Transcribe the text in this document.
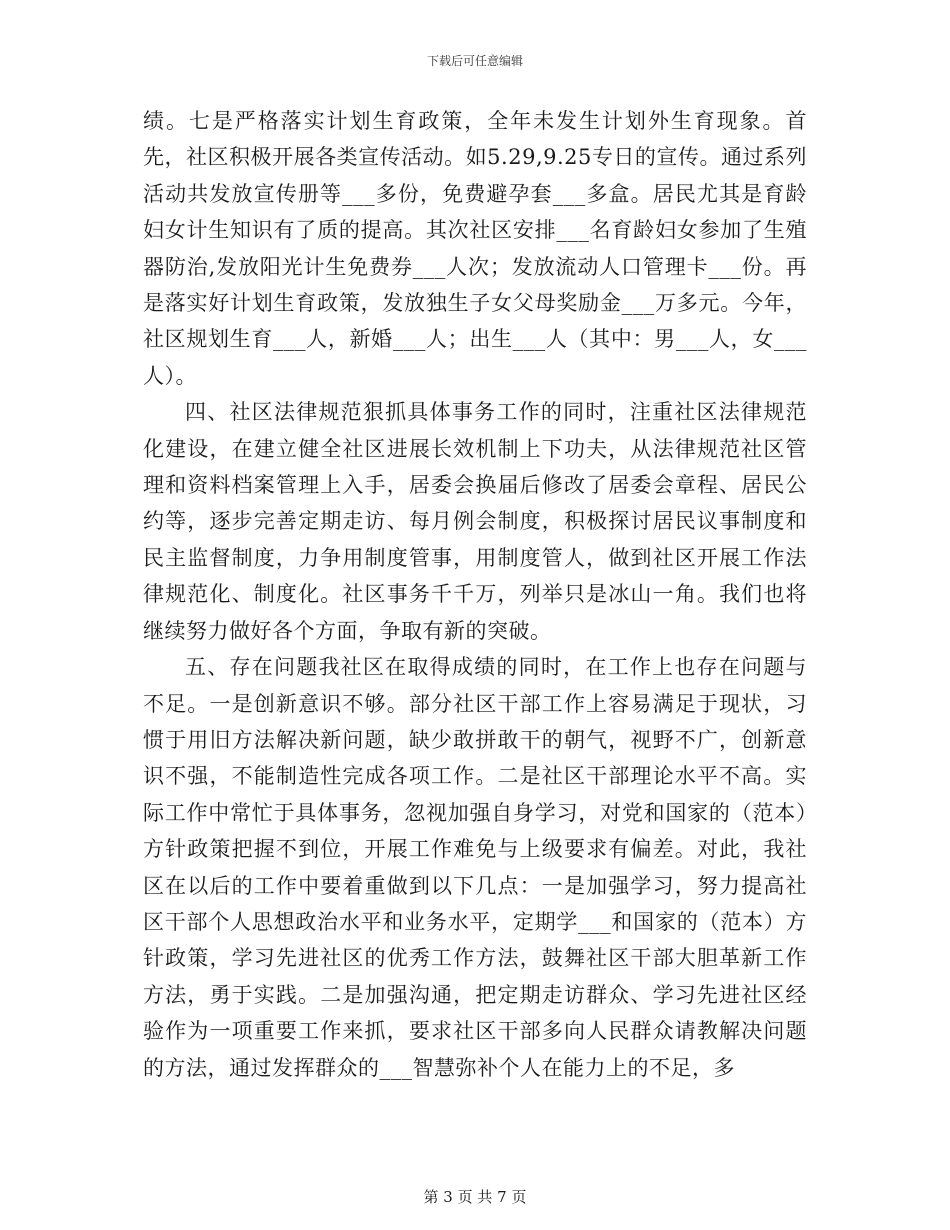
下载后可任意编辑

绩。七是严格落实计划生育政策，全年未发生计划外生育现象。首先，社区积极开展各类宣传活动。如5.29,9.25专日的宣传。通过系列活动共发放宣传册等___多份，免费避孕套___多盒。居民尤其是育龄妇女计生知识有了质的提高。其次社区安排___名育龄妇女参加了生殖器防治,发放阳光计生免费券___人次；发放流动人口管理卡___份。再是落实好计划生育政策，发放独生子女父母奖励金___万多元。今年，社区规划生育___人，新婚___人；出生___人（其中：男___人，女___人）。

四、社区法律规范狠抓具体事务工作的同时，注重社区法律规范化建设，在建立健全社区进展长效机制上下功夫，从法律规范社区管理和资料档案管理上入手，居委会换届后修改了居委会章程、居民公约等，逐步完善定期走访、每月例会制度，积极探讨居民议事制度和民主监督制度，力争用制度管事，用制度管人，做到社区开展工作法律规范化、制度化。社区事务千千万，列举只是冰山一角。我们也将继续努力做好各个方面，争取有新的突破。

五、存在问题我社区在取得成绩的同时，在工作上也存在问题与不足。一是创新意识不够。部分社区干部工作上容易满足于现状，习惯于用旧方法解决新问题，缺少敢拼敢干的朝气，视野不广，创新意识不强，不能制造性完成各项工作。二是社区干部理论水平不高。实际工作中常忙于具体事务，忽视加强自身学习，对党和国家的（范本）方针政策把握不到位，开展工作难免与上级要求有偏差。对此，我社区在以后的工作中要着重做到以下几点：一是加强学习，努力提高社区干部个人思想政治水平和业务水平，定期学___和国家的（范本）方针政策，学习先进社区的优秀工作方法，鼓舞社区干部大胆革新工作方法，勇于实践。二是加强沟通，把定期走访群众、学习先进社区经验作为一项重要工作来抓，要求社区干部多向人民群众请教解决问题的方法，通过发挥群众的___智慧弥补个人在能力上的不足，多

第 3 页 共 7 页
